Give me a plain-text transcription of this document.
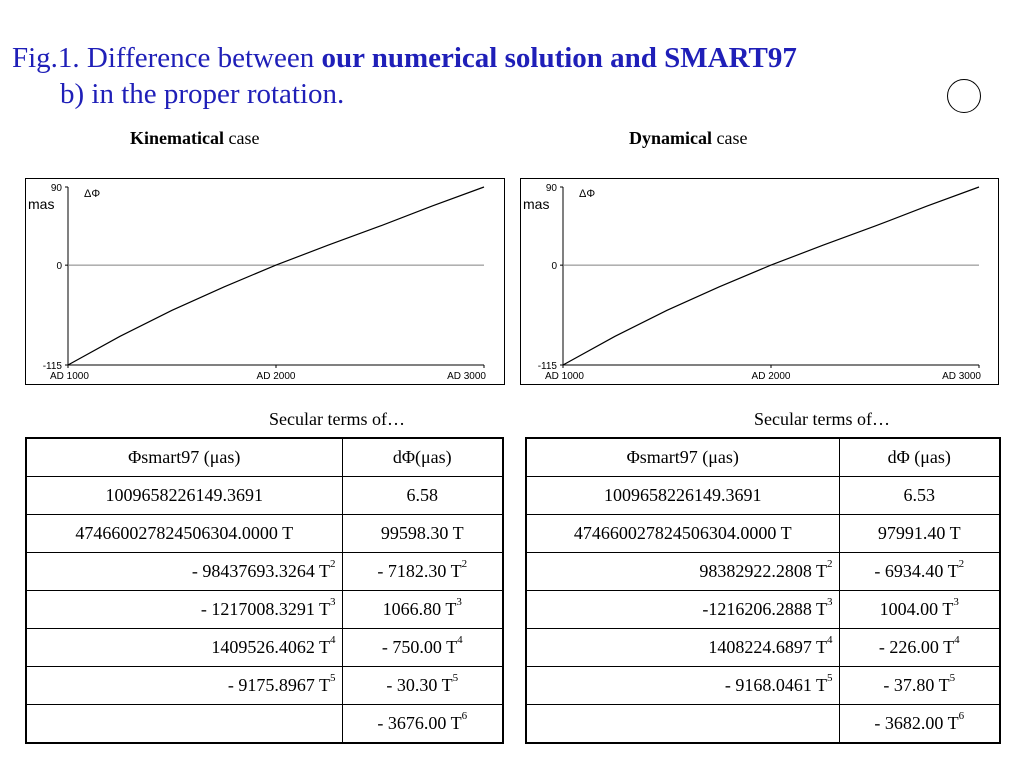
Fig.1. Difference between our numerical solution and SMART97
b) in the proper rotation.
Kinematical case	Dynamical case
90
0
-115
AD 1000	AD 2000	AD 3000
mas
ΔΦ	90
0
-115
AD 1000	AD 2000	AD 3000
mas
ΔΦ
Secular terms of…	Secular terms of…
Φsmart97 (μas)	dΦ(μas)
1009658226149.3691	6.58
474660027824506304.0000 T	99598.30 T
- 98437693.3264 $T^2$	- 7182.30 $T^2$
- 1217008.3291 $T^3$	1066.80 $T^3$
1409526.4062 $T^4$	- 750.00 $T^4$
- 9175.8967 $T^5$	- 30.30 $T^5$
	- 3676.00 $T^6$
Φsmart97 (μas)	dΦ (μas)
1009658226149.3691	6.53
474660027824506304.0000 T	97991.40 T
98382922.2808 $T^2$	- 6934.40 $T^2$
-1216206.2888 $T^3$	1004.00 $T^3$
1408224.6897 $T^4$	- 226.00 $T^4$
- 9168.0461 $T^5$	- 37.80 $T^5$
	- 3682.00 $T^6$
